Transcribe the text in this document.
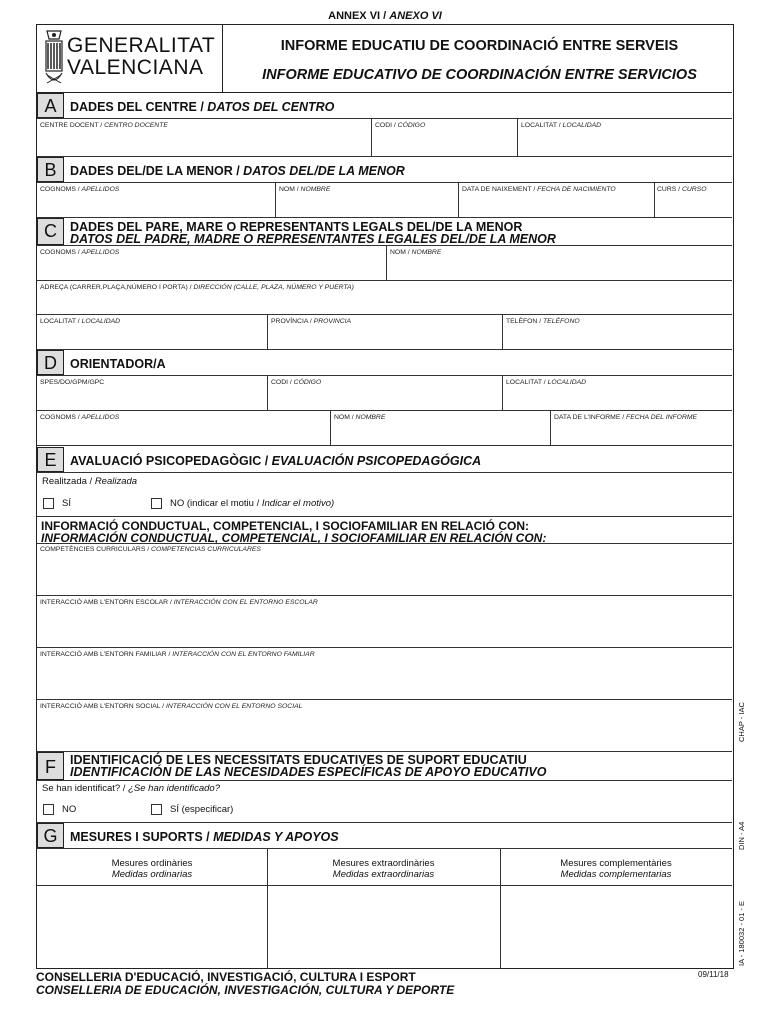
ANNEX VI / ANEXO VI
GENERALITAT
VALENCIANA
INFORME EDUCATIU DE COORDINACIÓ ENTRE SERVEIS
INFORME EDUCATIVO DE COORDINACIÓN ENTRE SERVICIOS
A	DADES DEL CENTRE / DATOS DEL CENTRO
CENTRE DOCENT / CENTRO DOCENTE	CODI / CÓDIGO	LOCALITAT / LOCALIDAD
B	DADES DEL/DE LA MENOR / DATOS DEL/DE LA MENOR
COGNOMS / APELLIDOS	NOM / NOMBRE	DATA DE NAIXEMENT / FECHA DE NACIMIENTO	CURS / CURSO
C	DADES DEL PARE, MARE O REPRESENTANTS LEGALS DEL/DE LA MENOR
DATOS DEL PADRE, MADRE O REPRESENTANTES LEGALES DEL/DE LA MENOR
COGNOMS / APELLIDOS	NOM / NOMBRE
ADREÇA (CARRER,PLAÇA,NÚMERO I PORTA) / DIRECCIÓN (CALLE, PLAZA, NÚMERO Y PUERTA)
LOCALITAT / LOCALIDAD	PROVÍNCIA / PROVINCIA	TELÈFON / TELÉFONO
D	ORIENTADOR/A
SPES/DO/GPM/GPC	CODI / CÓDIGO	LOCALITAT / LOCALIDAD
COGNOMS / APELLIDOS	NOM / NOMBRE	DATA DE L'INFORME / FECHA DEL INFORME
E	AVALUACIÓ PSICOPEDAGÒGIC / EVALUACIÓN PSICOPEDAGÓGICA
Realitzada / Realizada
SÍ	NO (indicar el motiu / Indicar el motivo)
INFORMACIÓ CONDUCTUAL, COMPETENCIAL, I SOCIOFAMILIAR EN RELACIÓ CON:
INFORMACIÓN CONDUCTUAL, COMPETENCIAL, I SOCIOFAMILIAR EN RELACIÓN CON:
COMPETÈNCIES CURRICULARS / COMPETENCIAS CURRICULARES
INTERACCIÓ AMB L'ENTORN ESCOLAR / INTERACCIÓN CON EL ENTORNO ESCOLAR
INTERACCIÓ AMB L'ENTORN FAMILIAR / INTERACCIÓN CON EL ENTORNO FAMILIAR
INTERACCIÓ AMB L'ENTORN SOCIAL / INTERACCIÓN CON EL ENTORNO SOCIAL
F	IDENTIFICACIÓ DE LES NECESSITATS EDUCATIVES DE SUPORT EDUCATIU
IDENTIFICACIÓN DE LAS NECESIDADES ESPECÍFICAS DE APOYO EDUCATIVO
Se han identificat? / ¿Se han identificado?
NO	SÍ (especificar)
G	MESURES I SUPORTS / MEDIDAS Y APOYOS
Mesures ordinàries
Medidas ordinarias
Mesures extraordinàries
Medidas extraordinarias
Mesures complementàries
Medidas complementarias
CHAP - IAC
DIN - A4
IA - 180032 - 01 - E
CONSELLERIA D'EDUCACIÓ, INVESTIGACIÓ, CULTURA I ESPORT
CONSELLERIA DE EDUCACIÓN, INVESTIGACIÓN, CULTURA Y DEPORTE
09/11/18
